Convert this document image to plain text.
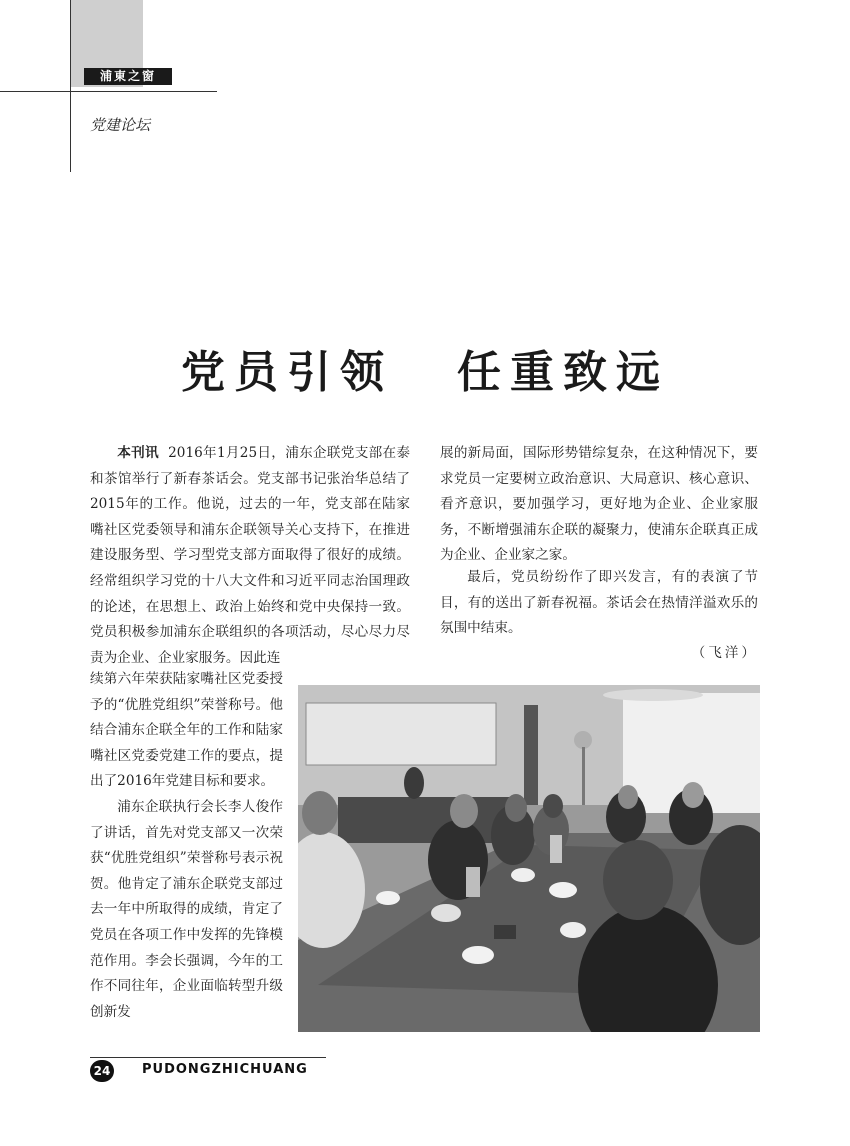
浦東之窗
党建论坛
党员引领 任重致远

本刊讯 2016年1月25日，浦东企联党支部在泰和茶馆举行了新春茶话会。党支部书记张治华总结了2015年的工作。他说，过去的一年，党支部在陆家嘴社区党委领导和浦东企联领导关心支持下，在推进建设服务型、学习型党支部方面取得了很好的成绩。经常组织学习党的十八大文件和习近平同志治国理政的论述，在思想上、政治上始终和党中央保持一致。党员积极参加浦东企联组织的各项活动，尽心尽力尽责为企业、企业家服务。因此连

续第六年荣获陆家嘴社区党委授予的“优胜党组织”荣誉称号。他结合浦东企联全年的工作和陆家嘴社区党委党建工作的要点，提出了2016年党建目标和要求。

浦东企联执行会长李人俊作了讲话，首先对党支部又一次荣获“优胜党组织”荣誉称号表示祝贺。他肯定了浦东企联党支部过去一年中所取得的成绩，肯定了党员在各项工作中发挥的先锋模范作用。李会长强调，今年的工作不同往年，企业面临转型升级创新发

展的新局面，国际形势错综复杂，在这种情况下，要求党员一定要树立政治意识、大局意识、核心意识、看齐意识，要加强学习，更好地为企业、企业家服务，不断增强浦东企联的凝聚力，使浦东企联真正成为企业、企业家之家。

最后，党员纷纷作了即兴发言，有的表演了节目，有的送出了新春祝福。茶话会在热情洋溢欢乐的氛围中结束。

（飞洋）
24 PUDONGZHICHUANG
